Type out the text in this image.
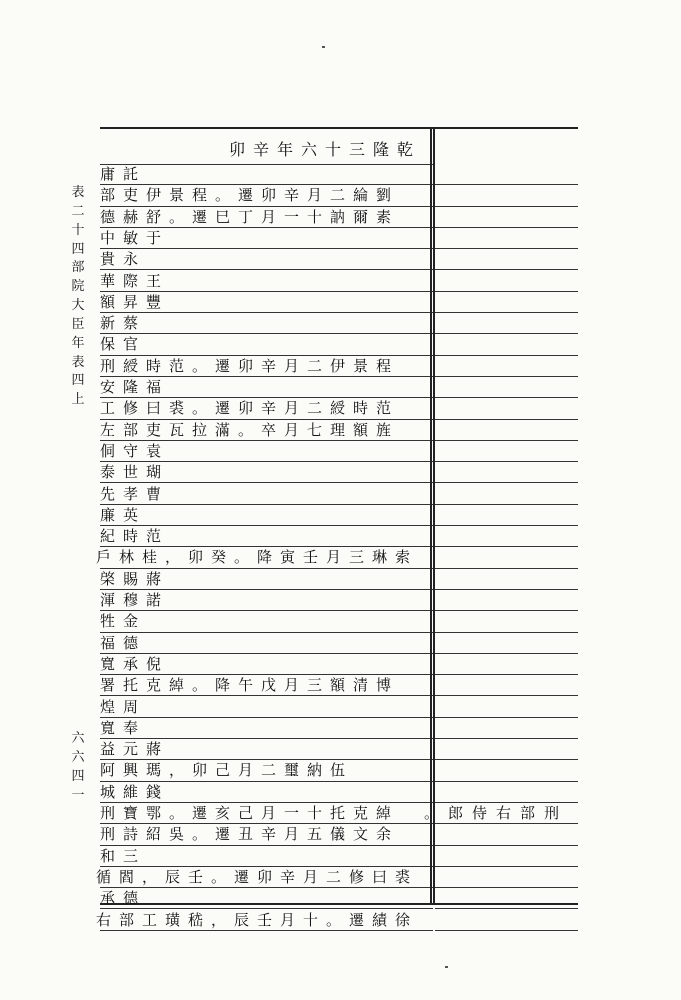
表
二
十
四
部
院
大
臣
年
表
四
上
六
六
四
一
乾隆三十六年辛卯
託庸
劉綸二月辛卯遷。程景伊吏部
素爾訥十一月丁巳遷。舒赫德
于敏中
永貴
王際華
豐昇額
蔡新
官保
程景伊二月辛卯遷。范時綬刑
福隆安
范時綬二月辛卯遷。裘曰修工
旌額理七月卒。滿拉瓦吏部左
袁守侗
瑚世泰
曹孝先
英廉
范時紀
索琳三月壬寅降。癸卯，桂林戶
蔣賜棨
諾穆渾
金牲
德福
倪承寬
博清額三月戊午降。綽克托署
周煌
奉寬
蔣元益
伍納璽二月己卯，瑪興阿
錢維城
綽克托十一月己亥遷。鄂寶刑	刑部右侍郎。
余文儀五月辛丑遷。吳紹詩刑
三和
裘曰修二月辛卯遷。壬辰，閻循
德承
徐績遷。十月壬辰，嵇璜工部右
